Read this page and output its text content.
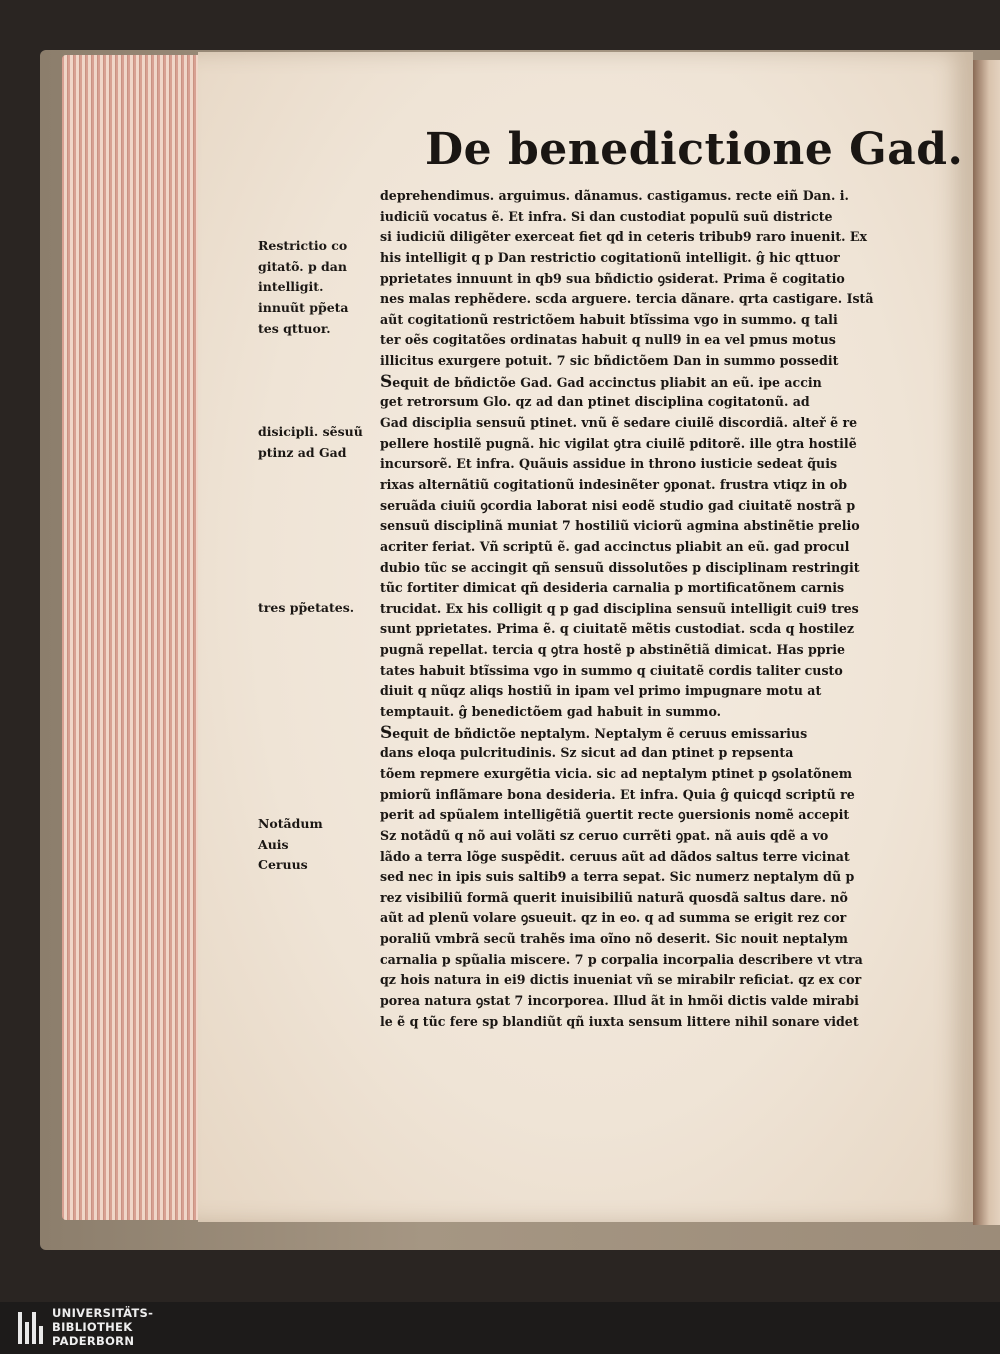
De benedictione Gad.
deprehendimus. arguimus. dãnamus. castigamus. recte eiñ Dan. i.
iudiciũ vocatus ẽ. Et infra. Si dan custodiat populũ suũ districte
si iudiciũ diligẽter exerceat fiet qd in ceteris tribub9 raro inuenit. Ex
his intelligit q p Dan restrictio cogitationũ intelligit. ĝ hic qttuor
pprietates innuunt in qb9 sua bñdictio ꝯsiderat. Prima ẽ cogitatio
nes malas rephẽdere. scda arguere. tercia dãnare. qrta castigare. Istã
aũt cogitationũ restrictõem habuit btĩssima vgo in summo. q tali
ter oẽs cogitatões ordinatas habuit q null9 in ea vel pmus motus
illicitus exurgere potuit. 7 sic bñdictõem Dan in summo possedit
Sequit de bñdictõe Gad. Gad accinctus pliabit an eũ. ipe accin
get retrorsum Glo. qz ad dan ptinet disciplina cogitatonũ. ad
Gad disciplia sensuũ ptinet. vnũ ẽ sedare ciuilẽ discordiã. alteř ẽ re
pellere hostilẽ pugnã. hic vigilat ꝯtra ciuilẽ pditorẽ. ille ꝯtra hostilẽ
incursorẽ. Et infra. Quãuis assidue in throno iusticie sedeat q̃uis
rixas alternãtiũ cogitationũ indesinẽter ꝯponat. frustra vtiqz in ob
seruãda ciuiũ ꝯcordia laborat nisi eodẽ studio gad ciuitatẽ nostrã p
sensuũ disciplinã muniat 7 hostiliũ viciorũ agmina abstinẽtie prelio
acriter feriat. Vñ scriptũ ẽ. gad accinctus pliabit an eũ. gad procul
dubio tũc se accingit qñ sensuũ dissolutões p disciplinam restringit
tũc fortiter dimicat qñ desideria carnalia p mortificatõnem carnis
trucidat. Ex his colligit q p gad disciplina sensuũ intelligit cui9 tres
sunt pprietates. Prima ẽ. q ciuitatẽ mẽtis custodiat. scda q hostilez
pugnã repellat. tercia q ꝯtra hostẽ p abstinẽtiã dimicat. Has pprie
tates habuit btĩssima vgo in summo q ciuitatẽ cordis taliter custo
diuit q nũqz aliqs hostiũ in ipam vel primo impugnare motu at
temptauit. ĝ benedictõem gad habuit in summo.
Sequit de bñdictõe neptalym. Neptalym ẽ ceruus emissarius
dans eloqa pulcritudinis. Sz sicut ad dan ptinet p repsenta
tõem repmere exurgẽtia vicia. sic ad neptalym ptinet p ꝯsolatõnem
pmiorũ inflãmare bona desideria. Et infra. Quia ĝ quicqd scriptũ re
perit ad spũalem intelligẽtiã ꝯuertit recte ꝯuersionis nomẽ accepit
Sz notãdũ q nõ aui volãti sz ceruo currẽti ꝯpat. nã auis qdẽ a vo
lãdo a terra lõge suspẽdit. ceruus aũt ad dãdos saltus terre vicinat
sed nec in ipis suis saltib9 a terra sepat. Sic numerz neptalym dũ p
rez visibiliũ formã querit inuisibiliũ naturã quosdã saltus dare. nõ
aũt ad plenũ volare ꝯsueuit. qz in eo. q ad summa se erigit rez cor
poraliũ vmbrã secũ trahẽs ima oĩno nõ deserit. Sic nouit neptalym
carnalia p spũalia miscere. 7 p corpalia incorpalia describere vt vtra
qz hois natura in ei9 dictis inueniat vñ se mirabilr reficiat. qz ex cor
porea natura ꝯstat 7 incorporea. Illud ãt in hmõi dictis valde mirabi
le ẽ q tũc fere sp blandiũt qñ iuxta sensum littere nihil sonare videt
Restrictio co
gitatõ. p dan
intelligit.
innuũt pp̃eta
tes qttuor.
disicipli. sẽsuũ
ptinz ad Gad
tres pp̃etates.
Notãdum
Auis
Ceruus
UNIVERSITÄTS-
BIBLIOTHEK
PADERBORN
